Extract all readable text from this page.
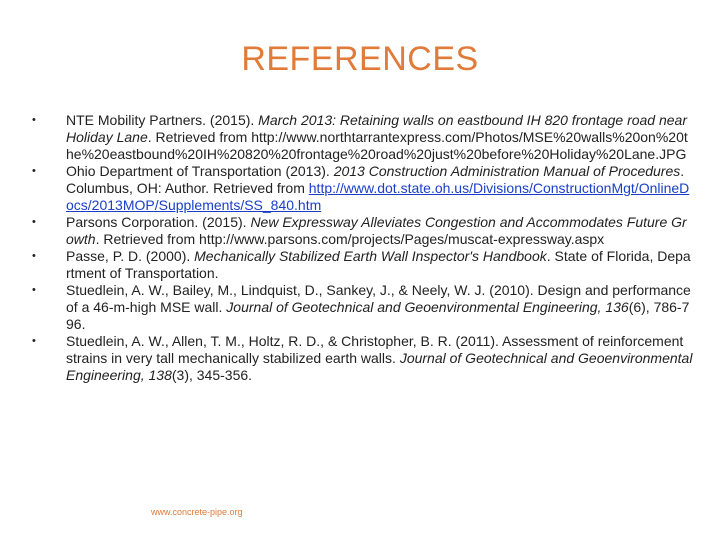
REFERENCES
•	NTE Mobility Partners. (2015). March 2013: Retaining walls on eastbound IH 820 frontage road near Holiday Lane. Retrieved from http://www.northtarrantexpress.com/Photos/MSE%20walls%20on%20the%20eastbound%20IH%20820%20frontage%20road%20just%20before%20Holiday%20Lane.JPG
•	Ohio Department of Transportation (2013). 2013 Construction Administration Manual of Procedures. Columbus, OH: Author. Retrieved from http://www.dot.state.oh.us/Divisions/ConstructionMgt/OnlineDocs/2013MOP/Supplements/SS_840.htm
•	Parsons Corporation. (2015). New Expressway Alleviates Congestion and Accommodates Future Growth. Retrieved from http://www.parsons.com/projects/Pages/muscat-expressway.aspx
•	Passe, P. D. (2000). Mechanically Stabilized Earth Wall Inspector's Handbook. State of Florida, Department of Transportation.
•	Stuedlein, A. W., Bailey, M., Lindquist, D., Sankey, J., & Neely, W. J. (2010). Design and performance of a 46-m-high MSE wall. Journal of Geotechnical and Geoenvironmental Engineering, 136(6), 786-796.
•	Stuedlein, A. W., Allen, T. M., Holtz, R. D., & Christopher, B. R. (2011). Assessment of reinforcement strains in very tall mechanically stabilized earth walls. Journal of Geotechnical and Geoenvironmental Engineering, 138(3), 345-356.
www.concrete-pipe.org
